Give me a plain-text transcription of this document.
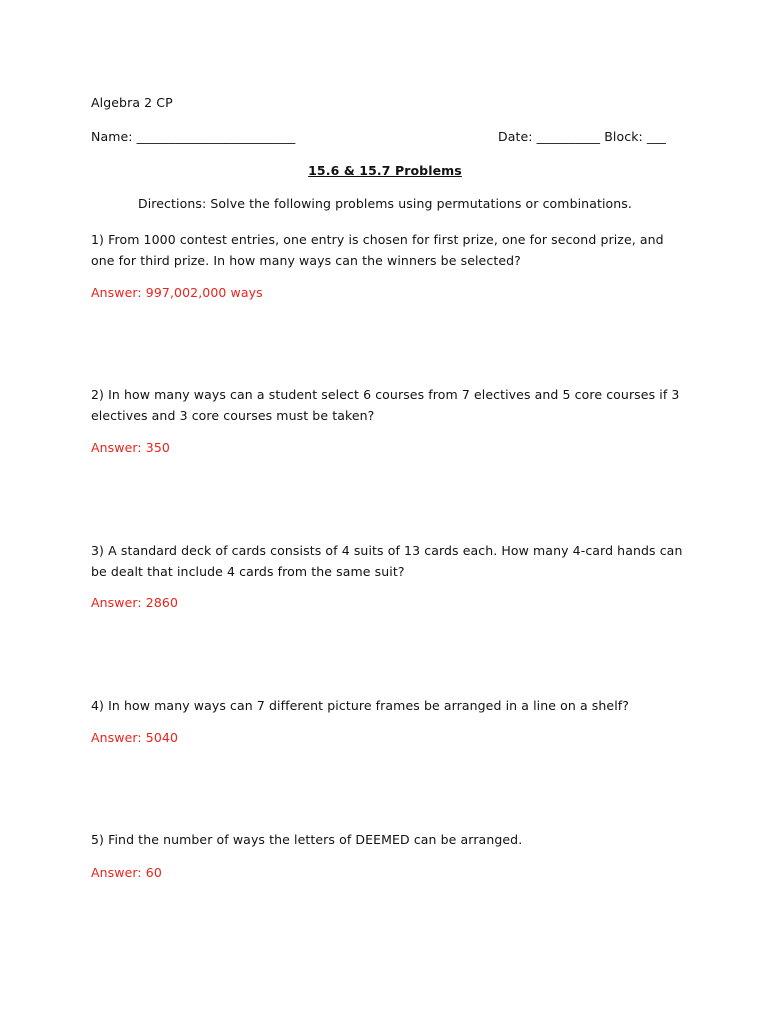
Algebra 2 CP
Name: _________________________	Date: __________ Block: ___
15.6 & 15.7 Problems
Directions: Solve the following problems using permutations or combinations.
1) From 1000 contest entries, one entry is chosen for first prize, one for second prize, and one for third prize. In how many ways can the winners be selected?
Answer: 997,002,000 ways
2) In how many ways can a student select 6 courses from 7 electives and 5 core courses if 3 electives and 3 core courses must be taken?
Answer: 350
3) A standard deck of cards consists of 4 suits of 13 cards each. How many 4-card hands can be dealt that include 4 cards from the same suit?
Answer: 2860
4) In how many ways can 7 different picture frames be arranged in a line on a shelf?
Answer: 5040
5) Find the number of ways the letters of DEEMED can be arranged.
Answer: 60
